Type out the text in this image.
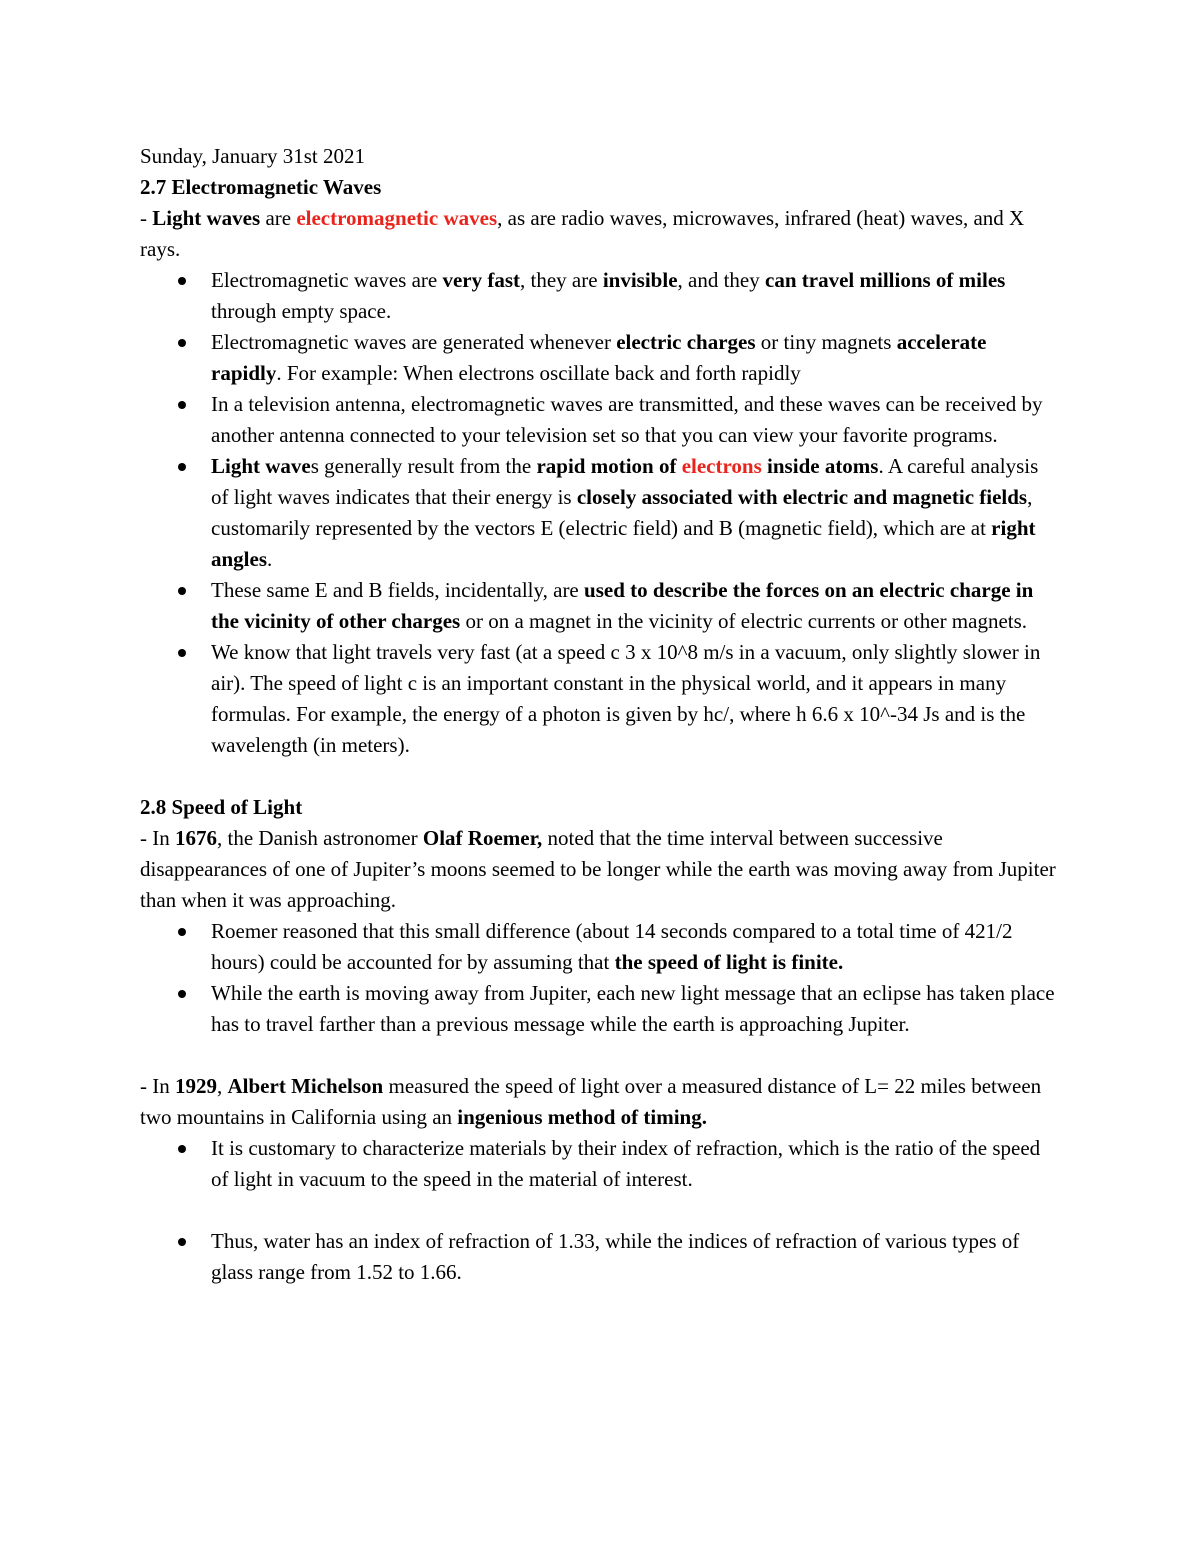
Sunday, January 31st 2021

2.7 Electromagnetic Waves

- Light waves are electromagnetic waves, as are radio waves, microwaves, infrared (heat) waves, and X rays.

Electromagnetic waves are very fast, they are invisible, and they can travel millions of miles through empty space.
Electromagnetic waves are generated whenever electric charges or tiny magnets accelerate rapidly. For example: When electrons oscillate back and forth rapidly
In a television antenna, electromagnetic waves are transmitted, and these waves can be received by another antenna connected to your television set so that you can view your favorite programs.
Light waves generally result from the rapid motion of electrons inside atoms. A careful analysis of light waves indicates that their energy is closely associated with electric and magnetic fields, customarily represented by the vectors E (electric field) and B (magnetic field), which are at right angles.
These same E and B fields, incidentally, are used to describe the forces on an electric charge in the vicinity of other charges or on a magnet in the vicinity of electric currents or other magnets.
We know that light travels very fast (at a speed c 3 x 10^8 m/s in a vacuum, only slightly slower in air). The speed of light c is an important constant in the physical world, and it appears in many formulas. For example, the energy of a photon is given by hc/, where h 6.6 x 10^-34 Js and is the wavelength (in meters).

2.8 Speed of Light

- In 1676, the Danish astronomer Olaf Roemer, noted that the time interval between successive disappearances of one of Jupiter’s moons seemed to be longer while the earth was moving away from Jupiter than when it was approaching.

Roemer reasoned that this small difference (about 14 seconds compared to a total time of 421/2 hours) could be accounted for by assuming that the speed of light is finite.
While the earth is moving away from Jupiter, each new light message that an eclipse has taken place has to travel farther than a previous message while the earth is approaching Jupiter.

- In 1929, Albert Michelson measured the speed of light over a measured distance of L= 22 miles between two mountains in California using an ingenious method of timing.

It is customary to characterize materials by their index of refraction, which is the ratio of the speed of light in vacuum to the speed in the material of interest.
Thus, water has an index of refraction of 1.33, while the indices of refraction of various types of glass range from 1.52 to 1.66.
